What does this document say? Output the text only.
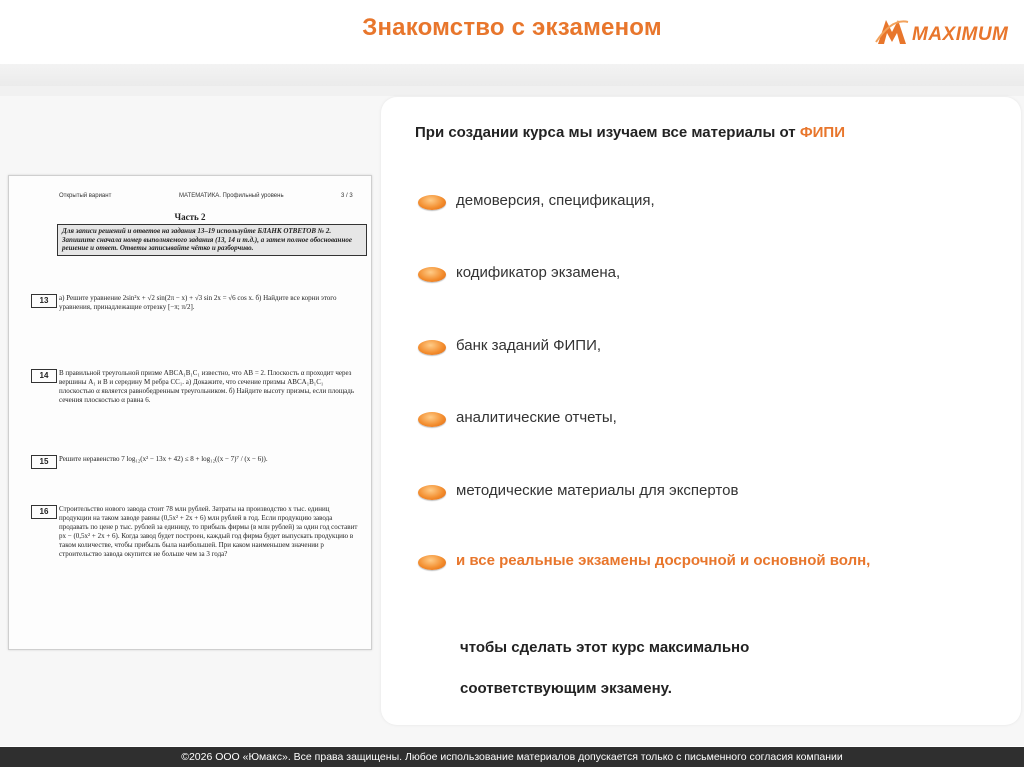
Знакомство с экзаменом	MAXIMUM
Открытый вариант	МАТЕМАТИКА. Профильный уровень	3 / 3
Часть 2
Для записи решений и ответов на задания 13–19 используйте БЛАНК ОТВЕТОВ № 2. Запишите сначала номер выполняемого задания (13, 14 и т.д.), а затем полное обоснованное решение и ответ. Ответы записывайте чётко и разборчиво.
13	а) Решите уравнение 2sin²x + √2 sin(2π − x) + √3 sin 2x = √6 cos x. б) Найдите все корни этого уравнения, принадлежащие отрезку [−π; π/2].
14	В правильной треугольной призме ABCA₁B₁C₁ известно, что AB = 2. Плоскость α проходит через вершины A₁ и B и середину M ребра CC₁. а) Докажите, что сечение призмы ABCA₁B₁C₁ плоскостью α является равнобедренным треугольником. б) Найдите высоту призмы, если площадь сечения плоскостью α равна 6.
15	Решите неравенство 7 log₁₂(x² − 13x + 42) ≤ 8 + log₁₂((x − 7)⁷ / (x − 6)).
16	Строительство нового завода стоит 78 млн рублей. Затраты на производство x тыс. единиц продукции на таком заводе равны (0,5x² + 2x + 6) млн рублей в год. Если продукцию завода продавать по цене p тыс. рублей за единицу, то прибыль фирмы (в млн рублей) за один год составит px − (0,5x² + 2x + 6). Когда завод будет построен, каждый год фирма будет выпускать продукцию в таком количестве, чтобы прибыль была наибольшей. При каком наименьшем значении p строительство завода окупится не больше чем за 3 года?
При создании курса мы изучаем все материалы от ФИПИ
демоверсия, спецификация,
кодификатор экзамена,
банк заданий ФИПИ,
аналитические отчеты,
методические материалы для экспертов
и все реальные экзамены досрочной и основной волн,
чтобы сделать этот курс максимально
соответствующим экзамену.
©2026 ООО «Юмакс». Все права защищены. Любое использование материалов допускается только с письменного согласия компании
